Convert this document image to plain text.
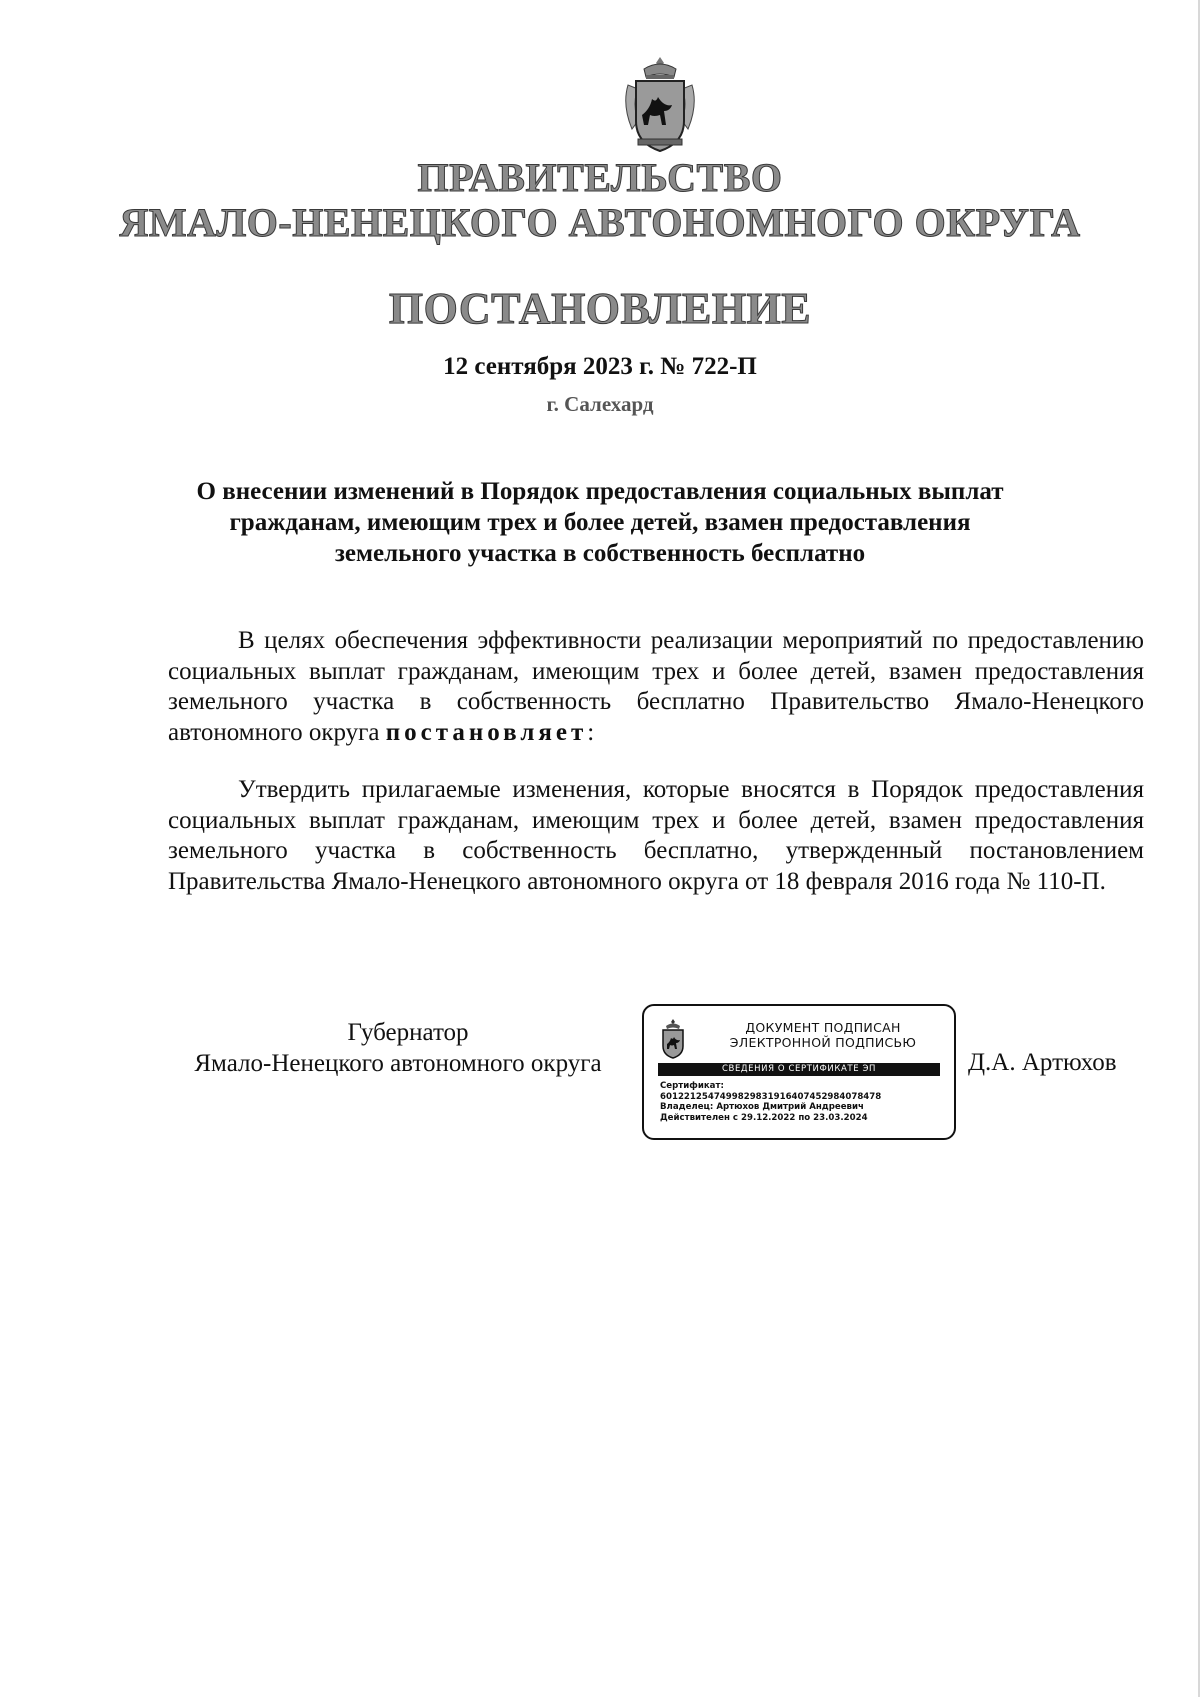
ПРАВИТЕЛЬСТВО
ЯМАЛО-НЕНЕЦКОГО АВТОНОМНОГО ОКРУГА
ПОСТАНОВЛЕНИЕ
12 сентября 2023 г. № 722-П
г. Салехард
О внесении изменений в Порядок предоставления социальных выплат
гражданам, имеющим трех и более детей, взамен предоставления
земельного участка в собственность бесплатно
В целях обеспечения эффективности реализации мероприятий по предоставлению социальных выплат гражданам, имеющим трех и более детей, взамен предоставления земельного участка в собственность бесплатно Правительство Ямало-Ненецкого автономного округа постановляет:
Утвердить прилагаемые изменения, которые вносятся в Порядок предоставления социальных выплат гражданам, имеющим трех и более детей, взамен предоставления земельного участка в собственность бесплатно, утвержденный постановлением Правительства Ямало-Ненецкого автономного округа от 18 февраля 2016 года № 110-П.
Губернатор
Ямало-Ненецкого автономного округа
ДОКУМЕНТ ПОДПИСАН
ЭЛЕКТРОННОЙ ПОДПИСЬЮ
СВЕДЕНИЯ О СЕРТИФИКАТЕ ЭП
Сертификат:
6012212547499829831916407452984078478
Владелец: Артюхов Дмитрий Андреевич
Действителен с 29.12.2022 по 23.03.2024
Д.А. Артюхов
